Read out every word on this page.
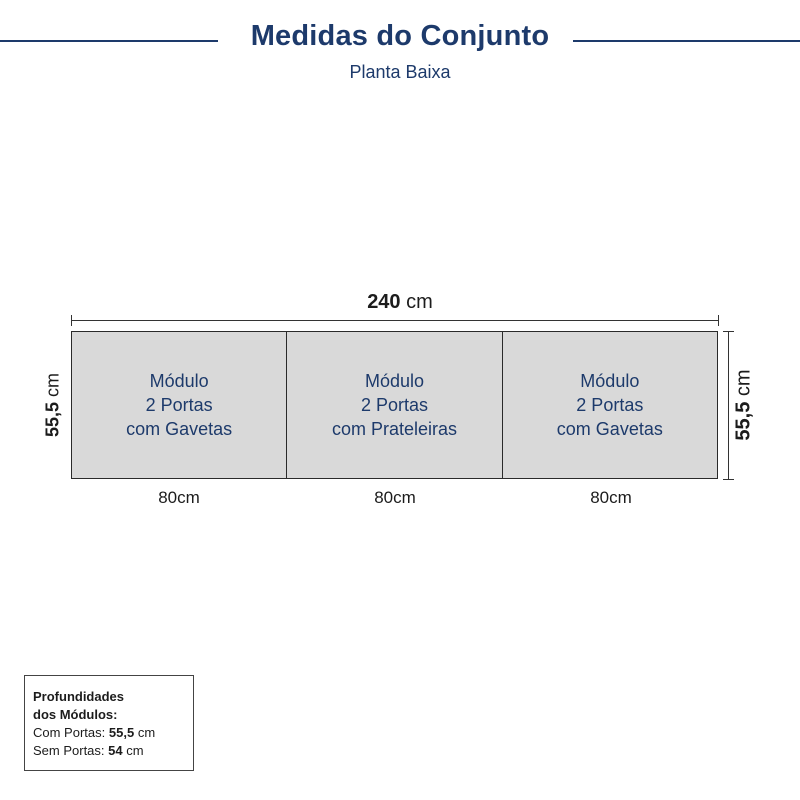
Medidas do Conjunto
Planta Baixa
240 cm
55,5 cm
55,5 cm
Módulo
2 Portas
com Gavetas
Módulo
2 Portas
com Prateleiras
Módulo
2 Portas
com Gavetas
80cm	80cm	80cm
Profundidades
dos Módulos:
Com Portas: 55,5 cm
Sem Portas: 54 cm
